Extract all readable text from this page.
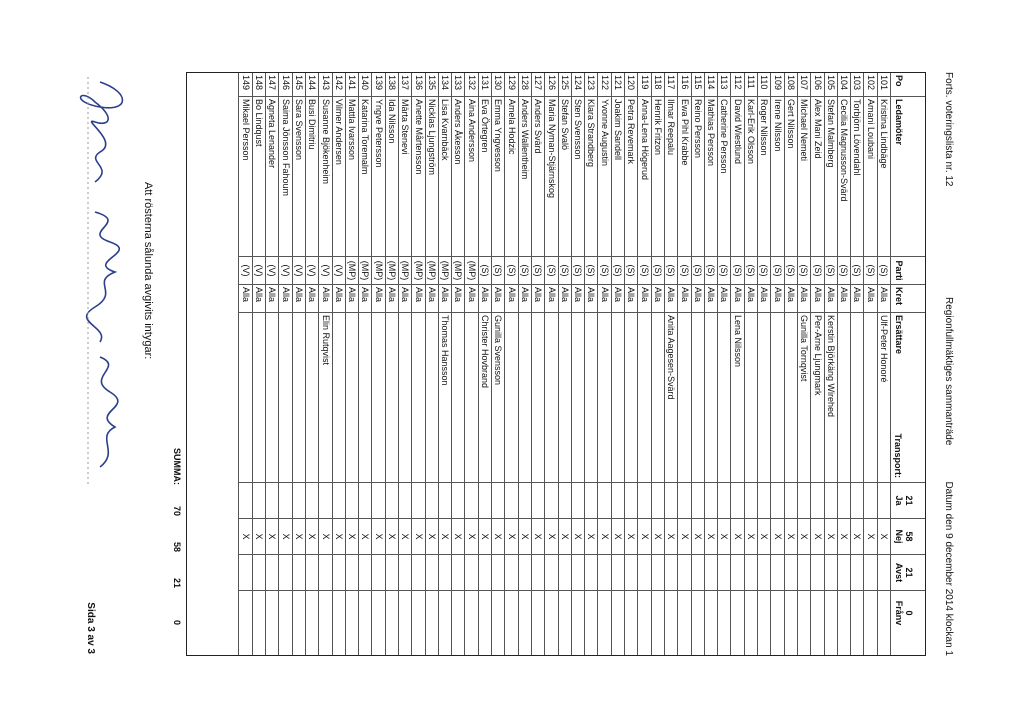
Forts. voteringslista nr. 12
Regionfullmäktiges sammanträde
Datum den 9 december 2014 klockan 1
Po
Ledamöter
Parti
Kret
Transport:
Ersättare
21
Ja
58
Nej
21
Avst
0
Frånv
101
Kristina Lindbäge
(S)
Alla
Ulf-Peter Honoré
X
102
Amani Loubani
(S)
Alla
X
103
Torbjörn Lövendahl
(S)
Alla
X
104
Cecilia Magnusson-Svärd
(S)
Alla
X
105
Stefan Malmberg
(S)
Alla
Kerstin Björkäng Wirehed
X
106
Alex Mani Zeid
(S)
Alla
Per-Arne Ljungmark
X
107
Michael Nemeti
(S)
Alla
Gunilla Tornqvist
X
108
Gert Nilsson
(S)
Alla
X
109
Irene Nilsson
(S)
Alla
X
110
Roger Nilsson
(S)
Alla
X
111
Karl-Erik Olsson
(S)
Alla
X
112
David Wiestlund
(S)
Alla
Lena Nilsson
X
113
Catherine Persson
(S)
Alla
X
114
Mathias Persson
(S)
Alla
X
115
Reino Persson
(S)
Alla
X
116
Ewa Pihl Krabbe
(S)
Alla
X
117
Ilmar Reepalu
(S)
Alla
Anita Aagesen-Svärd
X
118
Henrik Fritzon
(S)
Alla
X
119
Anna-Lena Högerud
(S)
Alla
X
120
Petra Revemark
(S)
Alla
X
121
Joakim Sandell
(S)
Alla
X
122
Yvonne Augustin
(S)
Alla
X
123
Klara Strandberg
(S)
Alla
X
124
Sten Svensson
(S)
Alla
X
125
Stefan Svalö
(S)
Alla
X
126
Maria Nyman-Stjärnskog
(S)
Alla
X
127
Anders Svärd
(S)
Alla
X
128
Anders Wallentheim
(S)
Alla
X
129
Amela Hodzic
(S)
Alla
X
130
Emma Yngvesson
(S)
Alla
Gunilla Svensson
X
131
Eva Örtegren
(S)
Alla
Christer Hovbrand
X
132
Aina Andersson
(MP)
Alla
X
133
Anders Åkesson
(MP)
Alla
X
134
Lisa Kvarnbäck
(MP)
Alla
Thomas Hansson
X
135
Nicklas Ljungström
(MP)
Alla
X
136
Anette Mårtensson
(MP)
Alla
X
137
Märta Stenevi
(MP)
Alla
X
138
Ida Nilsson
(MP)
Alla
X
139
Yngve Petersson
(MP)
Alla
X
140
Katarina Toremalm
(MP)
Alla
X
141
Mattla Ivarsson
(MP)
Alla
X
142
Vilmer Andersen
(V)
Alla
X
143
Susanne Bjökenheim
(V)
Alla
Elin Rutqvist
X
144
Busi Dimitriu
(V)
Alla
X
145
Sara Svensson
(V)
Alla
X
146
Saima Jönsson Fahoum
(V)
Alla
X
147
Agneta Lenander
(V)
Alla
X
148
Bo Lindqust
(V)
Alla
X
149
Mikael Persson
(V)
Alla
X
SUMMA:
70
58
21
0
Att rösterna sålunda avgivits intygar:
Sida 3 av 3
